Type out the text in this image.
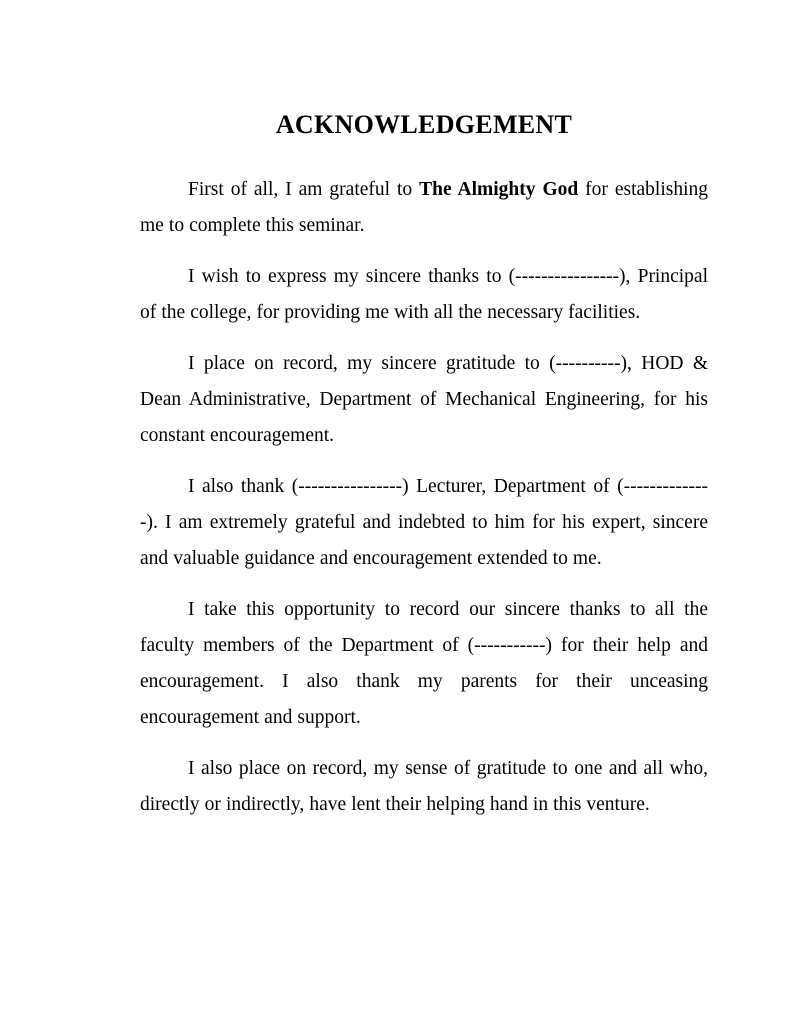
ACKNOWLEDGEMENT

First of all, I am grateful to The Almighty God for establishing me to complete this seminar.

I wish to express my sincere thanks to (----------------), Principal of the college, for providing me with all the necessary facilities.

I place on record, my sincere gratitude to (----------), HOD & Dean Administrative, Department of Mechanical Engineering, for his constant encouragement.

I also thank (----------------) Lecturer, Department of (--------------). I am extremely grateful and indebted to him for his expert, sincere and valuable guidance and encouragement extended to me.

I take this opportunity to record our sincere thanks to all the faculty members of the Department of (-----------) for their help and encouragement. I also thank my parents for their unceasing encouragement and support.

I also place on record, my sense of gratitude to one and all who, directly or indirectly, have lent their helping hand in this venture.
